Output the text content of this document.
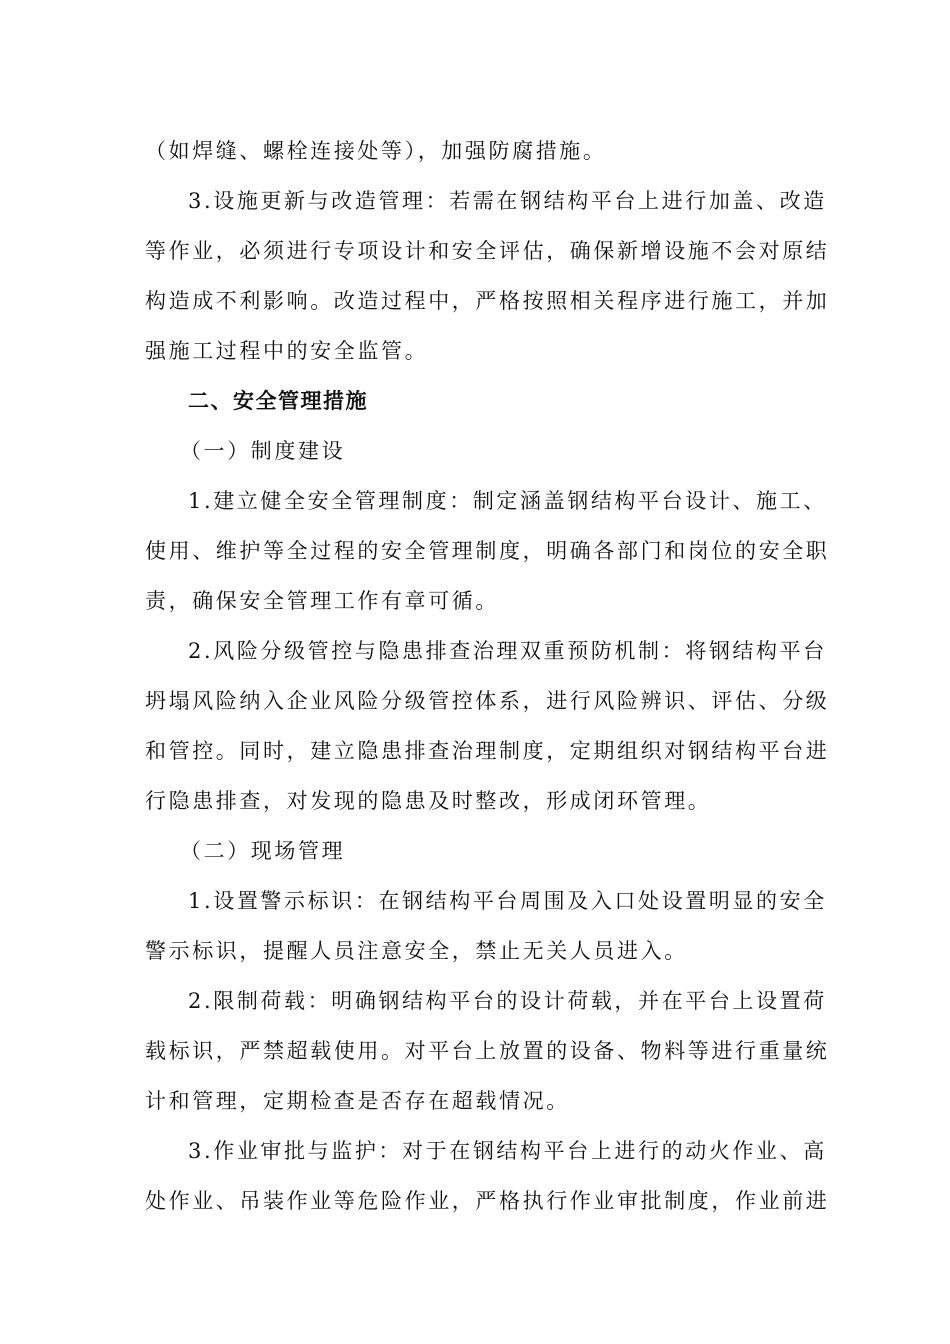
（如焊缝、螺栓连接处等），加强防腐措施。
3.设施更新与改造管理：若需在钢结构平台上进行加盖、改造
等作业，必须进行专项设计和安全评估，确保新增设施不会对原结
构造成不利影响。改造过程中，严格按照相关程序进行施工，并加
强施工过程中的安全监管。
二、安全管理措施
（一）制度建设
1.建立健全安全管理制度：制定涵盖钢结构平台设计、施工、
使用、维护等全过程的安全管理制度，明确各部门和岗位的安全职
责，确保安全管理工作有章可循。
2.风险分级管控与隐患排查治理双重预防机制：将钢结构平台
坍塌风险纳入企业风险分级管控体系，进行风险辨识、评估、分级
和管控。同时，建立隐患排查治理制度，定期组织对钢结构平台进
行隐患排查，对发现的隐患及时整改，形成闭环管理。
（二）现场管理
1.设置警示标识：在钢结构平台周围及入口处设置明显的安全
警示标识，提醒人员注意安全，禁止无关人员进入。
2.限制荷载：明确钢结构平台的设计荷载，并在平台上设置荷
载标识，严禁超载使用。对平台上放置的设备、物料等进行重量统
计和管理，定期检查是否存在超载情况。
3.作业审批与监护：对于在钢结构平台上进行的动火作业、高
处作业、吊装作业等危险作业，严格执行作业审批制度，作业前进
